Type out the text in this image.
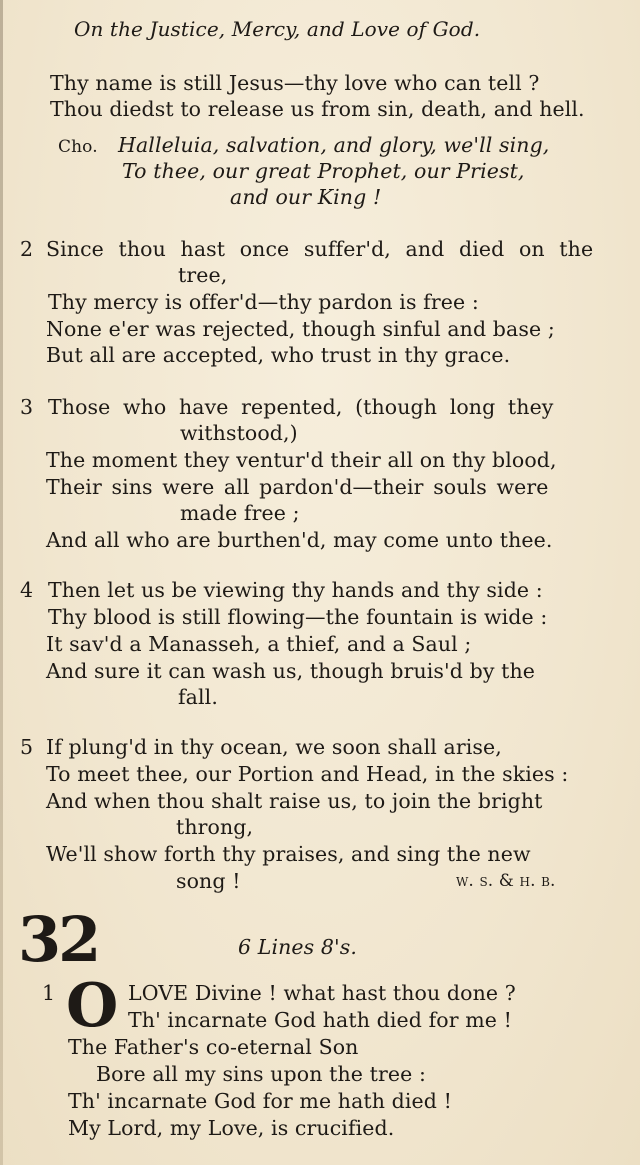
On the Justice, Mercy, and Love of God.
Thy name is still Jesus—thy love who can tell ?
Thou diedst to release us from sin, death, and hell.
Cho. Halleluia, salvation, and glory, we'll sing,
To thee, our great Prophet, our Priest,
and our King !
2 Since thou hast once suffer'd, and died on the
tree,
Thy mercy is offer'd—thy pardon is free :
None e'er was rejected, though sinful and base ;
But all are accepted, who trust in thy grace.
3 Those who have repented, (though long they
withstood,)
The moment they ventur'd their all on thy blood,
Their sins were all pardon'd—their souls were
made free ;
And all who are burthen'd, may come unto thee.
4 Then let us be viewing thy hands and thy side :
Thy blood is still flowing—the fountain is wide :
It sav'd a Manasseh, a thief, and a Saul ;
And sure it can wash us, though bruis'd by the
fall.
5 If plung'd in thy ocean, we soon shall arise,
To meet thee, our Portion and Head, in the skies :
And when thou shalt raise us, to join the bright
throng,
We'll show forth thy praises, and sing the new
song !	w. s. & h. b.
32	6 Lines 8's.
1 O LOVE Divine ! what hast thou done ?
Th' incarnate God hath died for me !
The Father's co-eternal Son
Bore all my sins upon the tree :
Th' incarnate God for me hath died !
My Lord, my Love, is crucified.
